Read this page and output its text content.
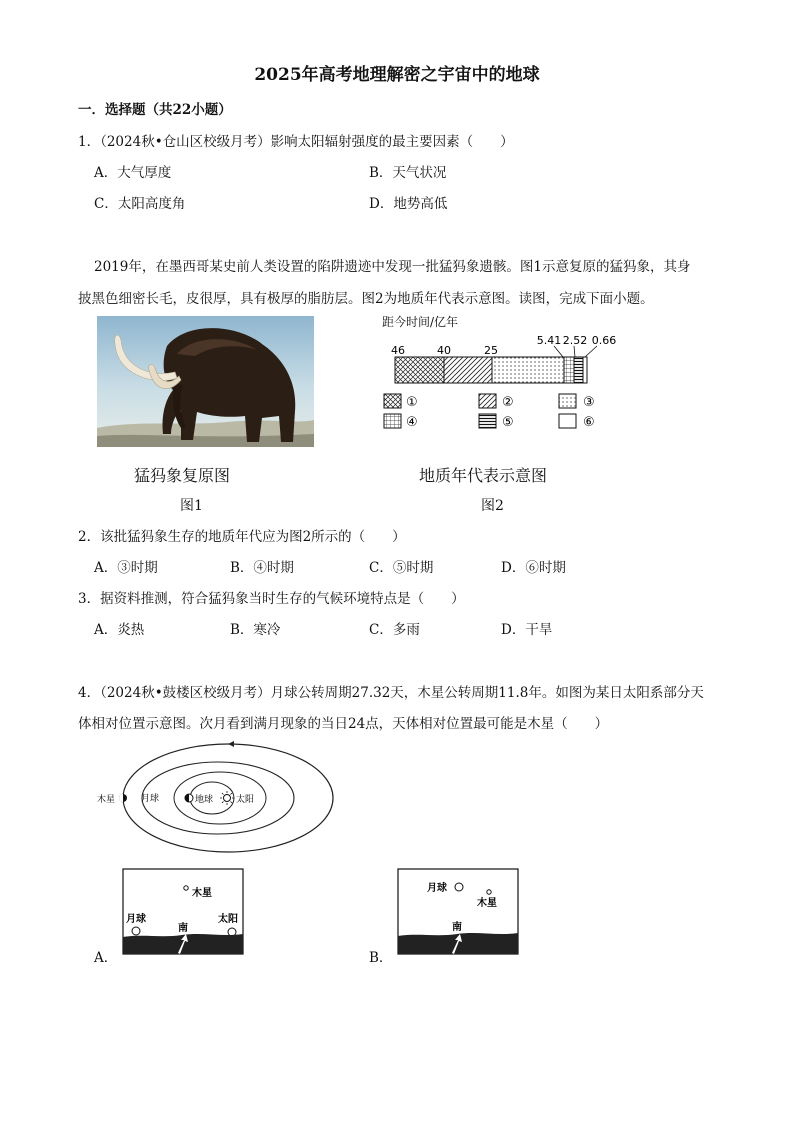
2025年高考地理解密之宇宙中的地球
一．选择题（共22小题）
1．（2024秋•仓山区校级月考）影响太阳辐射强度的最主要因素（　　）
A．大气厚度	B．天气状况
C．太阳高度角	D．地势高低
2019年，在墨西哥某史前人类设置的陷阱遗迹中发现一批猛犸象遗骸。图1示意复原的猛犸象，其身
披黑色细密长毛，皮很厚，具有极厚的脂肪层。图2为地质年代表示意图。读图，完成下面小题。
猛犸象复原图
图1
距今时间/亿年
46	40	25
5.41 2.52 0.66
①	②	③
④	⑤	⑥
地质年代表示意图
图2
2．该批猛犸象生存的地质年代应为图2所示的（　　）
A．③时期	B．④时期	C．⑤时期	D．⑥时期
3．据资料推测，符合猛犸象当时生存的气候环境特点是（　　）
A．炎热	B．寒冷	C．多雨	D．干旱
4．（2024秋•鼓楼区校级月考）月球公转周期27.32天，木星公转周期11.8年。如图为某日太阳系部分天
体相对位置示意图。次月看到满月现象的当日24点，天体相对位置最可能是木星（　　）
木星	月球	地球	太阳
木星
月球	太阳
南
A．
月球
木星
南
B．
